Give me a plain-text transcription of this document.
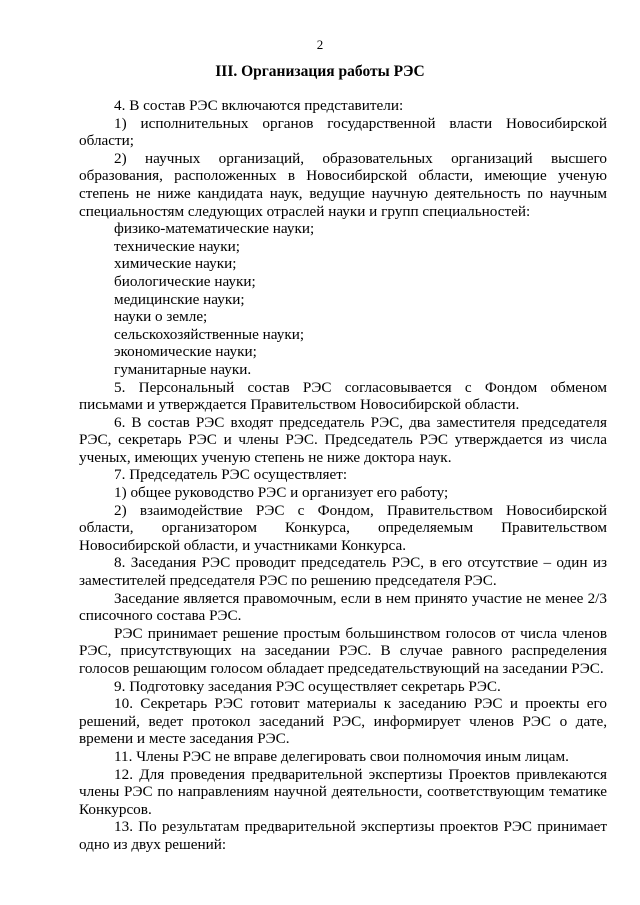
2
III. Организация работы РЭС

4. В состав РЭС включаются представители:

1) исполнительных органов государственной власти Новосибирской области;

2) научных организаций, образовательных организаций высшего образования, расположенных в Новосибирской области, имеющие ученую степень не ниже кандидата наук, ведущие научную деятельность по научным специальностям следующих отраслей науки и групп специальностей:

физико-математические науки;

технические науки;

химические науки;

биологические науки;

медицинские науки;

науки о земле;

сельскохозяйственные науки;

экономические науки;

гуманитарные науки.

5. Персональный состав РЭС согласовывается с Фондом обменом письмами и утверждается Правительством Новосибирской области.

6. В состав РЭС входят председатель РЭС, два заместителя председателя РЭС, секретарь РЭС и члены РЭС. Председатель РЭС утверждается из числа ученых, имеющих ученую степень не ниже доктора наук.

7. Председатель РЭС осуществляет:

1) общее руководство РЭС и организует его работу;

2) взаимодействие РЭС с Фондом, Правительством Новосибирской области, организатором Конкурса, определяемым Правительством Новосибирской области, и участниками Конкурса.

8. Заседания РЭС проводит председатель РЭС, в его отсутствие – один из заместителей председателя РЭС по решению председателя РЭС.

Заседание является правомочным, если в нем принято участие не менее 2/3 списочного состава РЭС.

РЭС принимает решение простым большинством голосов от числа членов РЭС, присутствующих на заседании РЭС. В случае равного распределения голосов решающим голосом обладает председательствующий на заседании РЭС.

9. Подготовку заседания РЭС осуществляет секретарь РЭС.

10. Секретарь РЭС готовит материалы к заседанию РЭС и проекты его решений, ведет протокол заседаний РЭС, информирует членов РЭС о дате, времени и месте заседания РЭС.

11. Члены РЭС не вправе делегировать свои полномочия иным лицам.

12. Для проведения предварительной экспертизы Проектов привлекаются члены РЭС по направлениям научной деятельности, соответствующим тематике Конкурсов.

13. По результатам предварительной экспертизы проектов РЭС принимает одно из двух решений:
